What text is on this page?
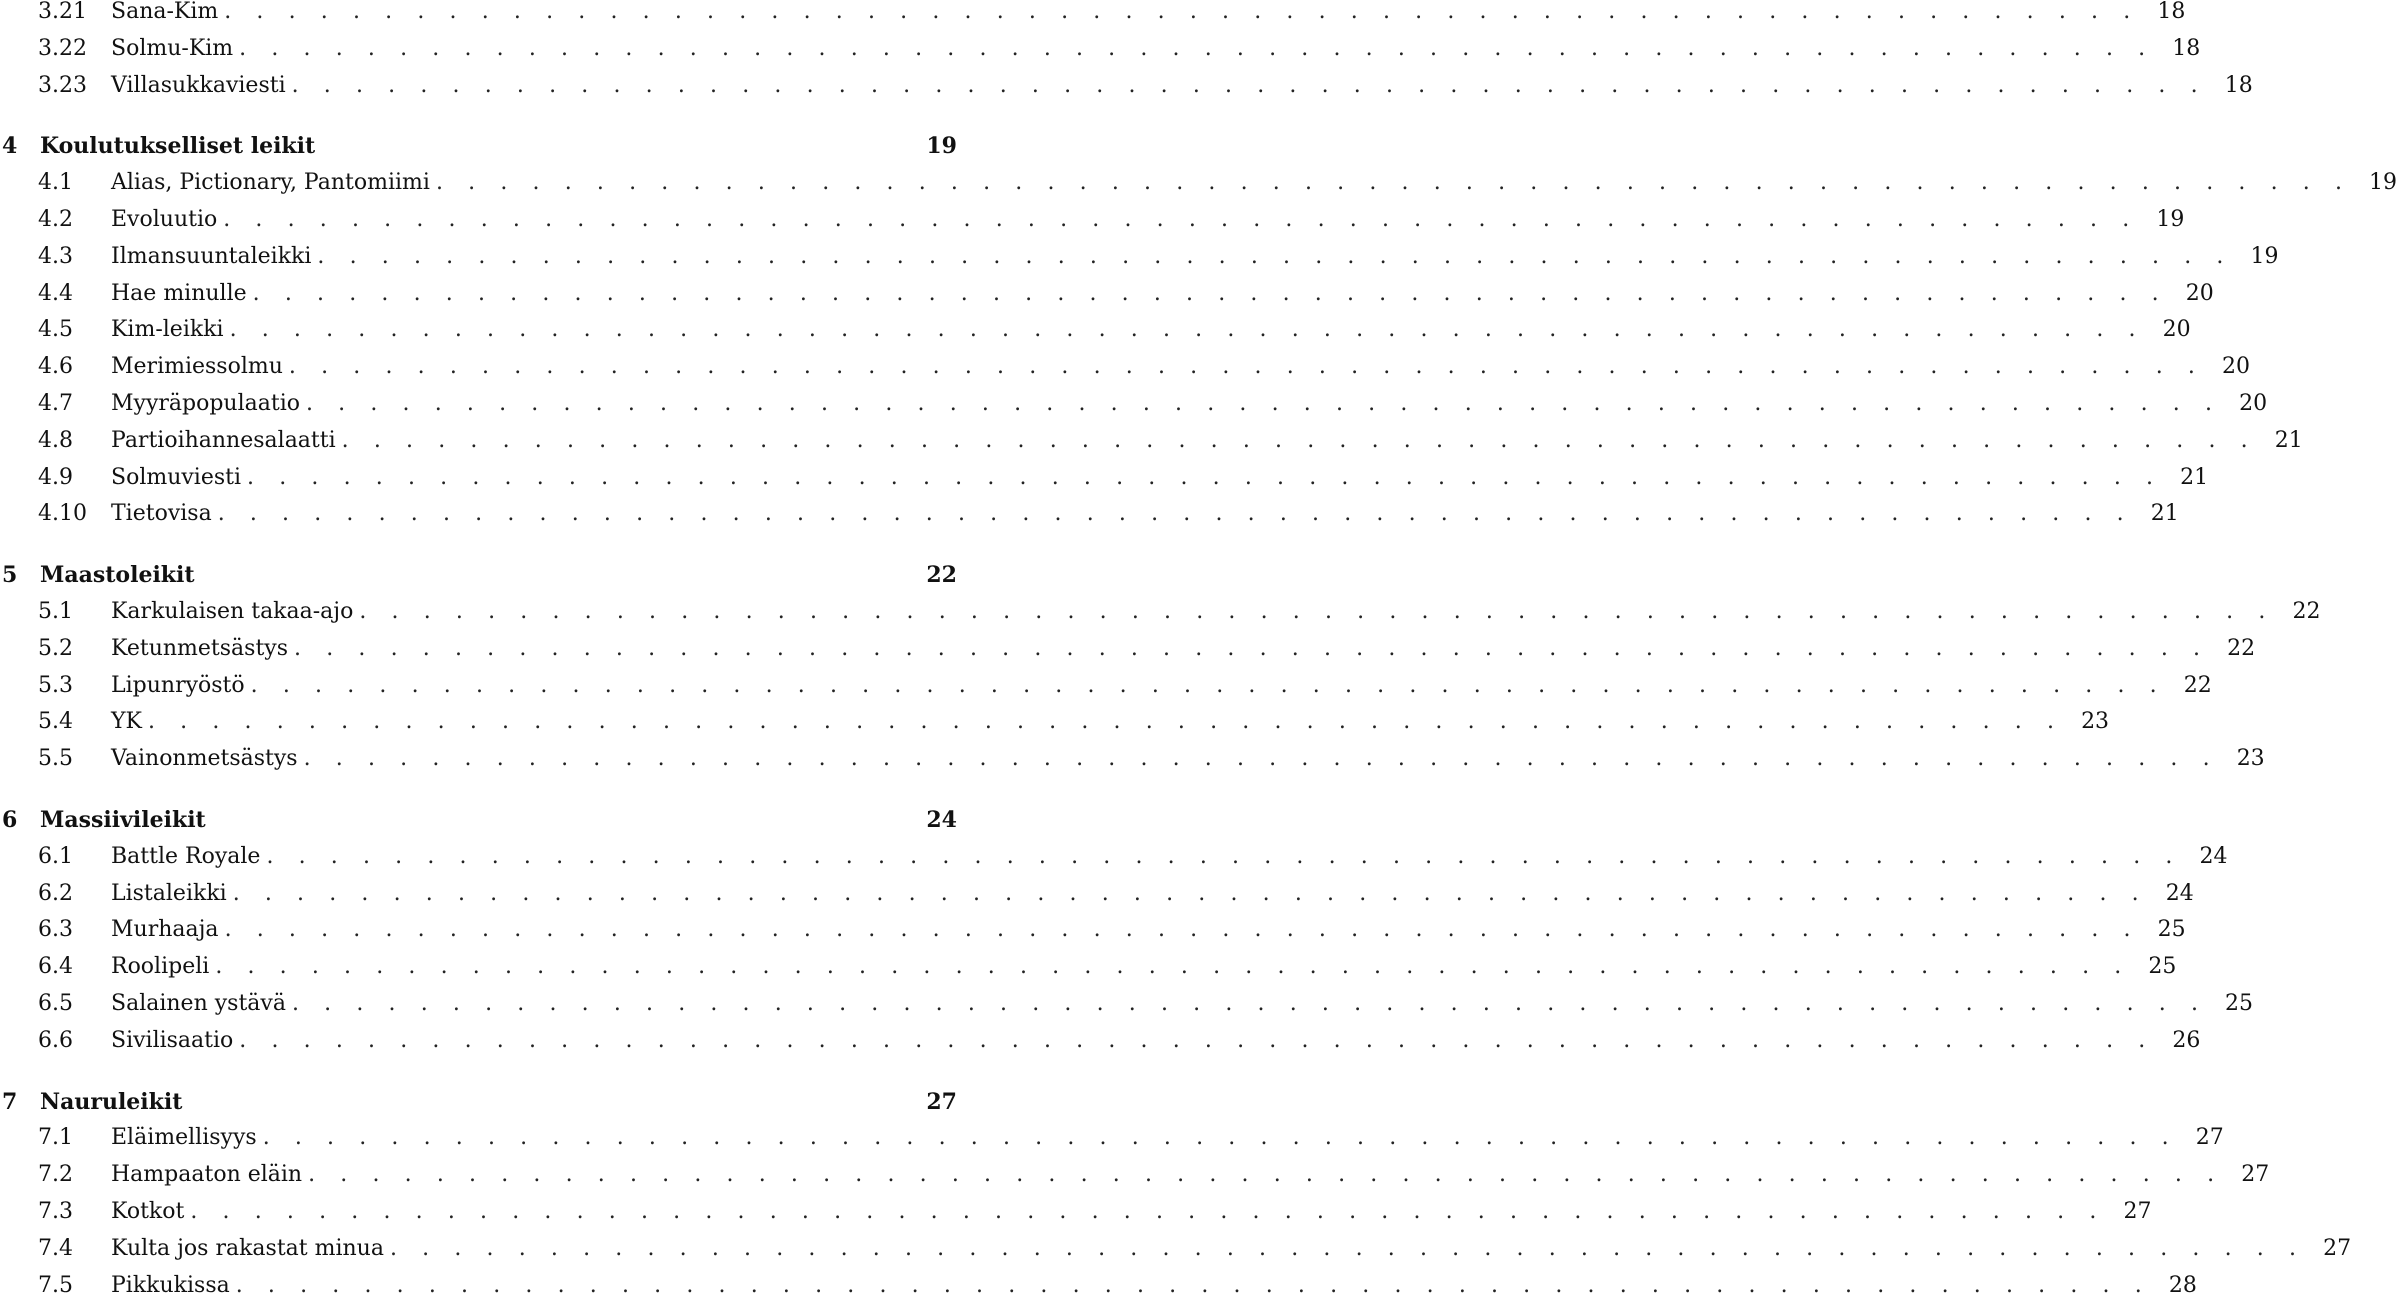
3.21	Sana-Kim . . . . . . . . . . . . . . . . . . . . . . . . . . . . . . . . . . . . . . . . . . . . . . . . . . . . . . . . . . . . 18
3.22	Solmu-Kim . . . . . . . . . . . . . . . . . . . . . . . . . . . . . . . . . . . . . . . . . . . . . . . . . . . . . . . . . . . . 18
3.23	Villasukkaviesti . . . . . . . . . . . . . . . . . . . . . . . . . . . . . . . . . . . . . . . . . . . . . . . . . . . . . . . . . . . . 18
4	Koulutukselliset leikit	19
4.1	Alias, Pictionary, Pantomiimi . . . . . . . . . . . . . . . . . . . . . . . . . . . . . . . . . . . . . . . . . . . . . . . . . . . . . . . . . . . . 19
4.2	Evoluutio . . . . . . . . . . . . . . . . . . . . . . . . . . . . . . . . . . . . . . . . . . . . . . . . . . . . . . . . . . . . 19
4.3	Ilmansuuntaleikki . . . . . . . . . . . . . . . . . . . . . . . . . . . . . . . . . . . . . . . . . . . . . . . . . . . . . . . . . . . . 19
4.4	Hae minulle . . . . . . . . . . . . . . . . . . . . . . . . . . . . . . . . . . . . . . . . . . . . . . . . . . . . . . . . . . . . 20
4.5	Kim-leikki . . . . . . . . . . . . . . . . . . . . . . . . . . . . . . . . . . . . . . . . . . . . . . . . . . . . . . . . . . . . 20
4.6	Merimiessolmu . . . . . . . . . . . . . . . . . . . . . . . . . . . . . . . . . . . . . . . . . . . . . . . . . . . . . . . . . . . . 20
4.7	Myyräpopulaatio . . . . . . . . . . . . . . . . . . . . . . . . . . . . . . . . . . . . . . . . . . . . . . . . . . . . . . . . . . . . 20
4.8	Partioihannesalaatti . . . . . . . . . . . . . . . . . . . . . . . . . . . . . . . . . . . . . . . . . . . . . . . . . . . . . . . . . . . . 21
4.9	Solmuviesti . . . . . . . . . . . . . . . . . . . . . . . . . . . . . . . . . . . . . . . . . . . . . . . . . . . . . . . . . . . . 21
4.10	Tietovisa . . . . . . . . . . . . . . . . . . . . . . . . . . . . . . . . . . . . . . . . . . . . . . . . . . . . . . . . . . . . 21
5	Maastoleikit	22
5.1	Karkulaisen takaa-ajo . . . . . . . . . . . . . . . . . . . . . . . . . . . . . . . . . . . . . . . . . . . . . . . . . . . . . . . . . . . . 22
5.2	Ketunmetsästys . . . . . . . . . . . . . . . . . . . . . . . . . . . . . . . . . . . . . . . . . . . . . . . . . . . . . . . . . . . . 22
5.3	Lipunryöstö . . . . . . . . . . . . . . . . . . . . . . . . . . . . . . . . . . . . . . . . . . . . . . . . . . . . . . . . . . . . 22
5.4	YK . . . . . . . . . . . . . . . . . . . . . . . . . . . . . . . . . . . . . . . . . . . . . . . . . . . . . . . . . . . . 23
5.5	Vainonmetsästys . . . . . . . . . . . . . . . . . . . . . . . . . . . . . . . . . . . . . . . . . . . . . . . . . . . . . . . . . . . . 23
6	Massiivileikit	24
6.1	Battle Royale . . . . . . . . . . . . . . . . . . . . . . . . . . . . . . . . . . . . . . . . . . . . . . . . . . . . . . . . . . . . 24
6.2	Listaleikki . . . . . . . . . . . . . . . . . . . . . . . . . . . . . . . . . . . . . . . . . . . . . . . . . . . . . . . . . . . . 24
6.3	Murhaaja . . . . . . . . . . . . . . . . . . . . . . . . . . . . . . . . . . . . . . . . . . . . . . . . . . . . . . . . . . . . 25
6.4	Roolipeli . . . . . . . . . . . . . . . . . . . . . . . . . . . . . . . . . . . . . . . . . . . . . . . . . . . . . . . . . . . . 25
6.5	Salainen ystävä . . . . . . . . . . . . . . . . . . . . . . . . . . . . . . . . . . . . . . . . . . . . . . . . . . . . . . . . . . . . 25
6.6	Sivilisaatio . . . . . . . . . . . . . . . . . . . . . . . . . . . . . . . . . . . . . . . . . . . . . . . . . . . . . . . . . . . . 26
7	Nauruleikit	27
7.1	Eläimellisyys . . . . . . . . . . . . . . . . . . . . . . . . . . . . . . . . . . . . . . . . . . . . . . . . . . . . . . . . . . . . 27
7.2	Hampaaton eläin . . . . . . . . . . . . . . . . . . . . . . . . . . . . . . . . . . . . . . . . . . . . . . . . . . . . . . . . . . . . 27
7.3	Kotkot . . . . . . . . . . . . . . . . . . . . . . . . . . . . . . . . . . . . . . . . . . . . . . . . . . . . . . . . . . . . 27
7.4	Kulta jos rakastat minua . . . . . . . . . . . . . . . . . . . . . . . . . . . . . . . . . . . . . . . . . . . . . . . . . . . . . . . . . . . . 27
7.5	Pikkukissa . . . . . . . . . . . . . . . . . . . . . . . . . . . . . . . . . . . . . . . . . . . . . . . . . . . . . . . . . . . . 28
